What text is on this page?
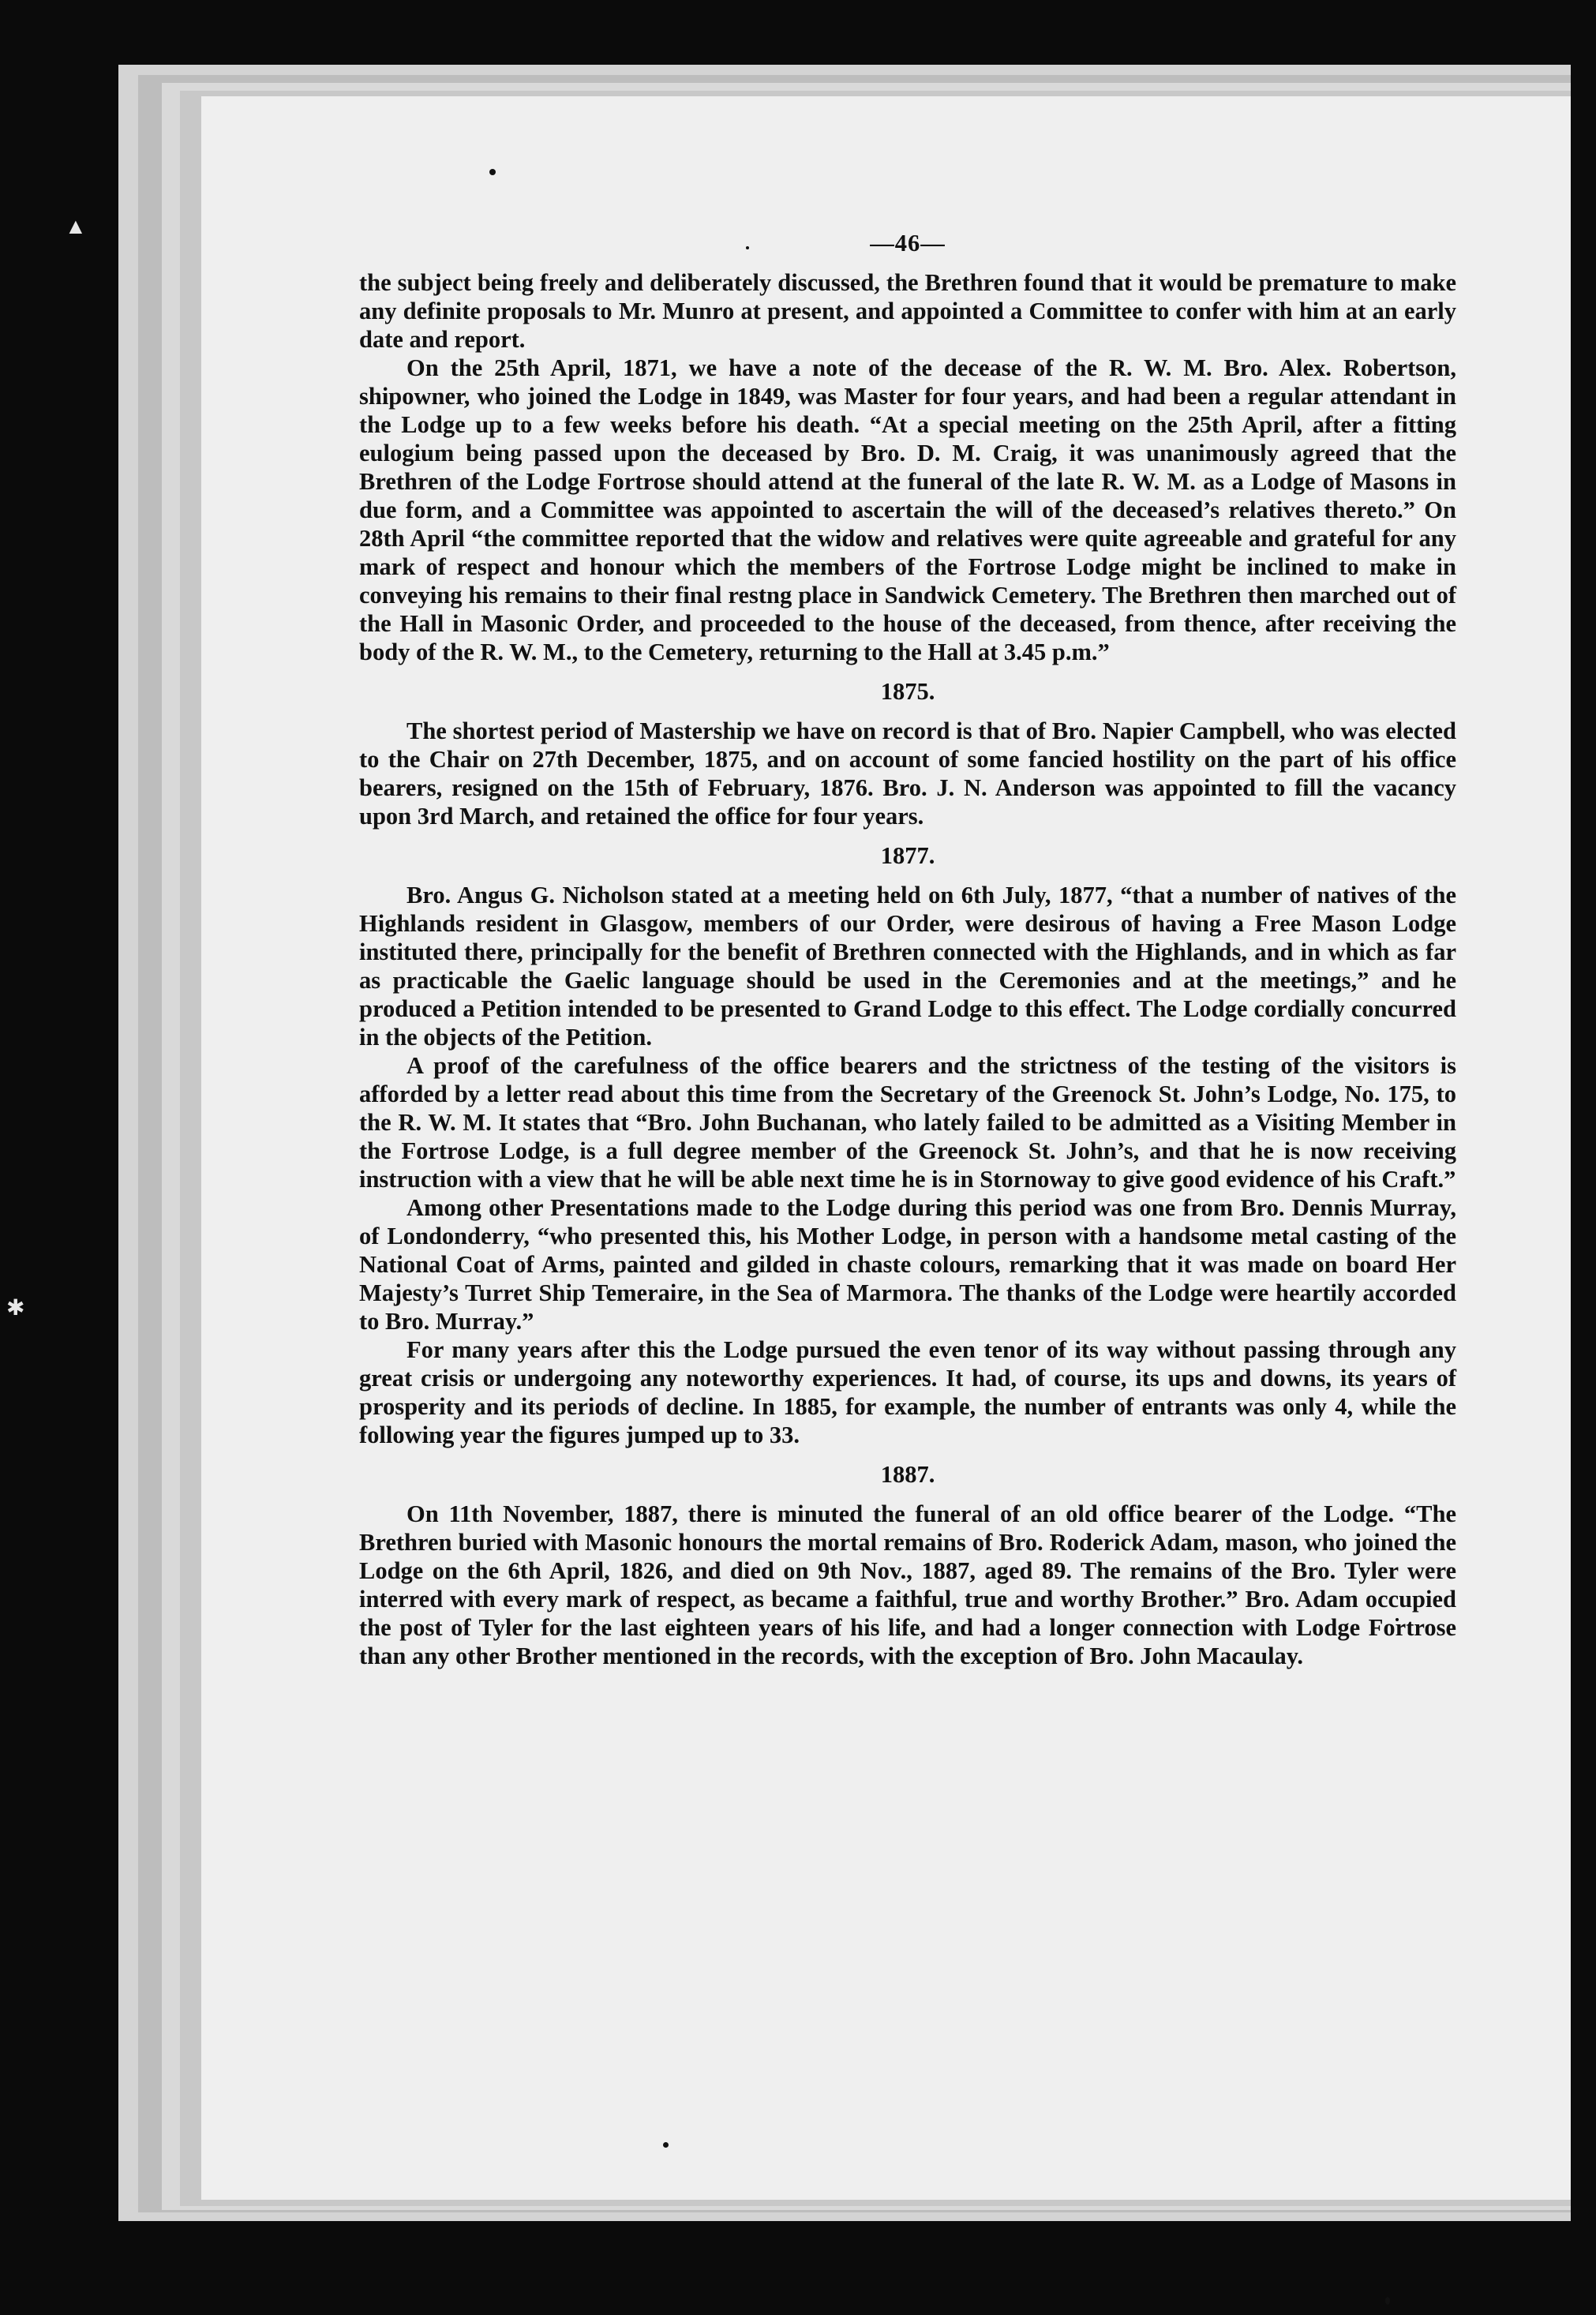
▲
✱
—46—

the subject being freely and deliberately discussed, the Brethren found that it would be premature to make any definite proposals to Mr. Munro at present, and appointed a Committee to confer with him at an early date and report.

On the 25th April, 1871, we have a note of the decease of the R. W. M. Bro. Alex. Robertson, shipowner, who joined the Lodge in 1849, was Master for four years, and had been a regular attendant in the Lodge up to a few weeks before his death. “At a special meeting on the 25th April, after a fitting eulogium being passed upon the deceased by Bro. D. M. Craig, it was unanimously agreed that the Brethren of the Lodge Fortrose should attend at the funeral of the late R. W. M. as a Lodge of Masons in due form, and a Committee was appointed to ascertain the will of the deceased’s relatives thereto.” On 28th April “the committee reported that the widow and relatives were quite agreeable and grateful for any mark of respect and honour which the members of the Fortrose Lodge might be inclined to make in conveying his remains to their final restng place in Sandwick Cemetery. The Brethren then marched out of the Hall in Masonic Order, and proceeded to the house of the deceased, from thence, after receiving the body of the R. W. M., to the Cemetery, returning to the Hall at 3.45 p.m.”

1875.

The shortest period of Mastership we have on record is that of Bro. Napier Campbell, who was elected to the Chair on 27th December, 1875, and on account of some fancied hostility on the part of his office bearers, resigned on the 15th of February, 1876. Bro. J. N. Anderson was appointed to fill the vacancy upon 3rd March, and retained the office for four years.

1877.

Bro. Angus G. Nicholson stated at a meeting held on 6th July, 1877, “that a number of natives of the Highlands resident in Glasgow, members of our Order, were desirous of having a Free Mason Lodge instituted there, principally for the benefit of Brethren connected with the Highlands, and in which as far as practicable the Gaelic language should be used in the Ceremonies and at the meetings,” and he produced a Petition intended to be presented to Grand Lodge to this effect. The Lodge cordially concurred in the objects of the Petition.

A proof of the carefulness of the office bearers and the strictness of the testing of the visitors is afforded by a letter read about this time from the Secretary of the Greenock St. John’s Lodge, No. 175, to the R. W. M. It states that “Bro. John Buchanan, who lately failed to be admitted as a Visiting Member in the Fortrose Lodge, is a full degree member of the Greenock St. John’s, and that he is now receiving instruction with a view that he will be able next time he is in Stornoway to give good evidence of his Craft.”

Among other Presentations made to the Lodge during this period was one from Bro. Dennis Murray, of Londonderry, “who presented this, his Mother Lodge, in person with a handsome metal casting of the National Coat of Arms, painted and gilded in chaste colours, remarking that it was made on board Her Majesty’s Turret Ship Temeraire, in the Sea of Marmora. The thanks of the Lodge were heartily accorded to Bro. Murray.”

For many years after this the Lodge pursued the even tenor of its way without passing through any great crisis or undergoing any noteworthy experiences. It had, of course, its ups and downs, its years of prosperity and its periods of decline. In 1885, for example, the number of entrants was only 4, while the following year the figures jumped up to 33.

1887.

On 11th November, 1887, there is minuted the funeral of an old office bearer of the Lodge. “The Brethren buried with Masonic honours the mortal remains of Bro. Roderick Adam, mason, who joined the Lodge on the 6th April, 1826, and died on 9th Nov., 1887, aged 89. The remains of the Bro. Tyler were interred with every mark of respect, as became a faithful, true and worthy Brother.” Bro. Adam occupied the post of Tyler for the last eighteen years of his life, and had a longer connection with Lodge Fortrose than any other Brother mentioned in the records, with the exception of Bro. John Macaulay.
